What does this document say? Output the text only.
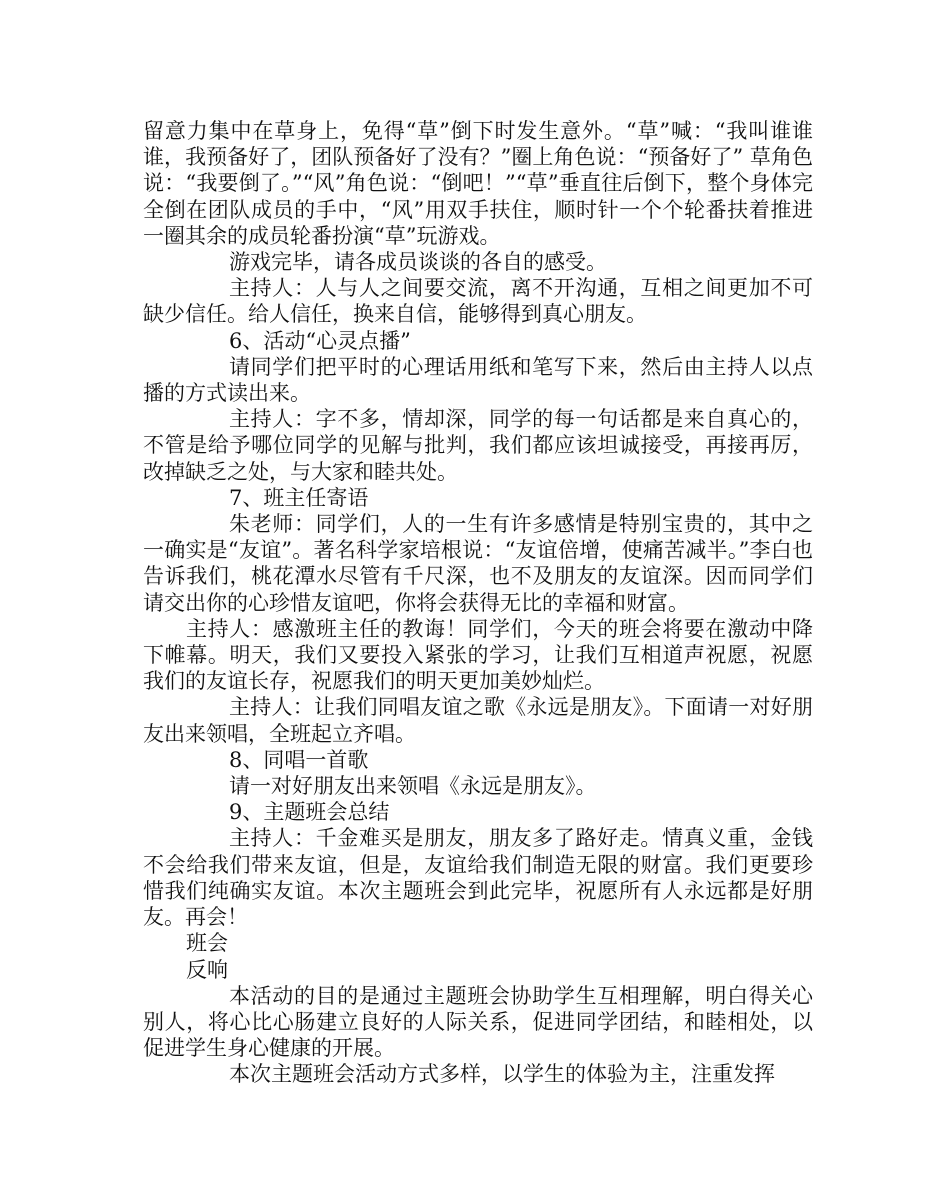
留意力集中在草身上，免得“草”倒下时发生意外。“草”喊：“我叫谁谁谁，我预备好了，团队预备好了没有？”圈上角色说：“预备好了” 草角色说：“我要倒了。”“风”角色说：“倒吧！”“草”垂直往后倒下，整个身体完全倒在团队成员的手中，“风”用双手扶住，顺时针一个个轮番扶着推进一圈其余的成员轮番扮演“草”玩游戏。

游戏完毕，请各成员谈谈的各自的感受。

主持人：人与人之间要交流，离不开沟通，互相之间更加不可缺少信任。给人信任，换来自信，能够得到真心朋友。

6、活动“心灵点播”

请同学们把平时的心理话用纸和笔写下来，然后由主持人以点播的方式读出来。

主持人：字不多，情却深，同学的每一句话都是来自真心的，不管是给予哪位同学的见解与批判，我们都应该坦诚接受，再接再厉，改掉缺乏之处，与大家和睦共处。

7、班主任寄语

朱老师：同学们，人的一生有许多感情是特别宝贵的，其中之一确实是“友谊”。著名科学家培根说：“友谊倍增，使痛苦减半。”李白也告诉我们，桃花潭水尽管有千尺深，也不及朋友的友谊深。因而同学们请交出你的心珍惜友谊吧，你将会获得无比的幸福和财富。

主持人：感激班主任的教诲！同学们，今天的班会将要在激动中降下帷幕。明天，我们又要投入紧张的学习，让我们互相道声祝愿，祝愿我们的友谊长存，祝愿我们的明天更加美妙灿烂。

主持人：让我们同唱友谊之歌《永远是朋友》。下面请一对好朋友出来领唱，全班起立齐唱。

8、同唱一首歌

请一对好朋友出来领唱《永远是朋友》。

9、主题班会总结

主持人：千金难买是朋友，朋友多了路好走。情真义重，金钱不会给我们带来友谊，但是，友谊给我们制造无限的财富。我们更要珍惜我们纯确实友谊。本次主题班会到此完毕，祝愿所有人永远都是好朋友。再会！

班会

反响

本活动的目的是通过主题班会协助学生互相理解，明白得关心别人，将心比心肠建立良好的人际关系，促进同学团结，和睦相处，以促进学生身心健康的开展。

本次主题班会活动方式多样，以学生的体验为主，注重发挥
